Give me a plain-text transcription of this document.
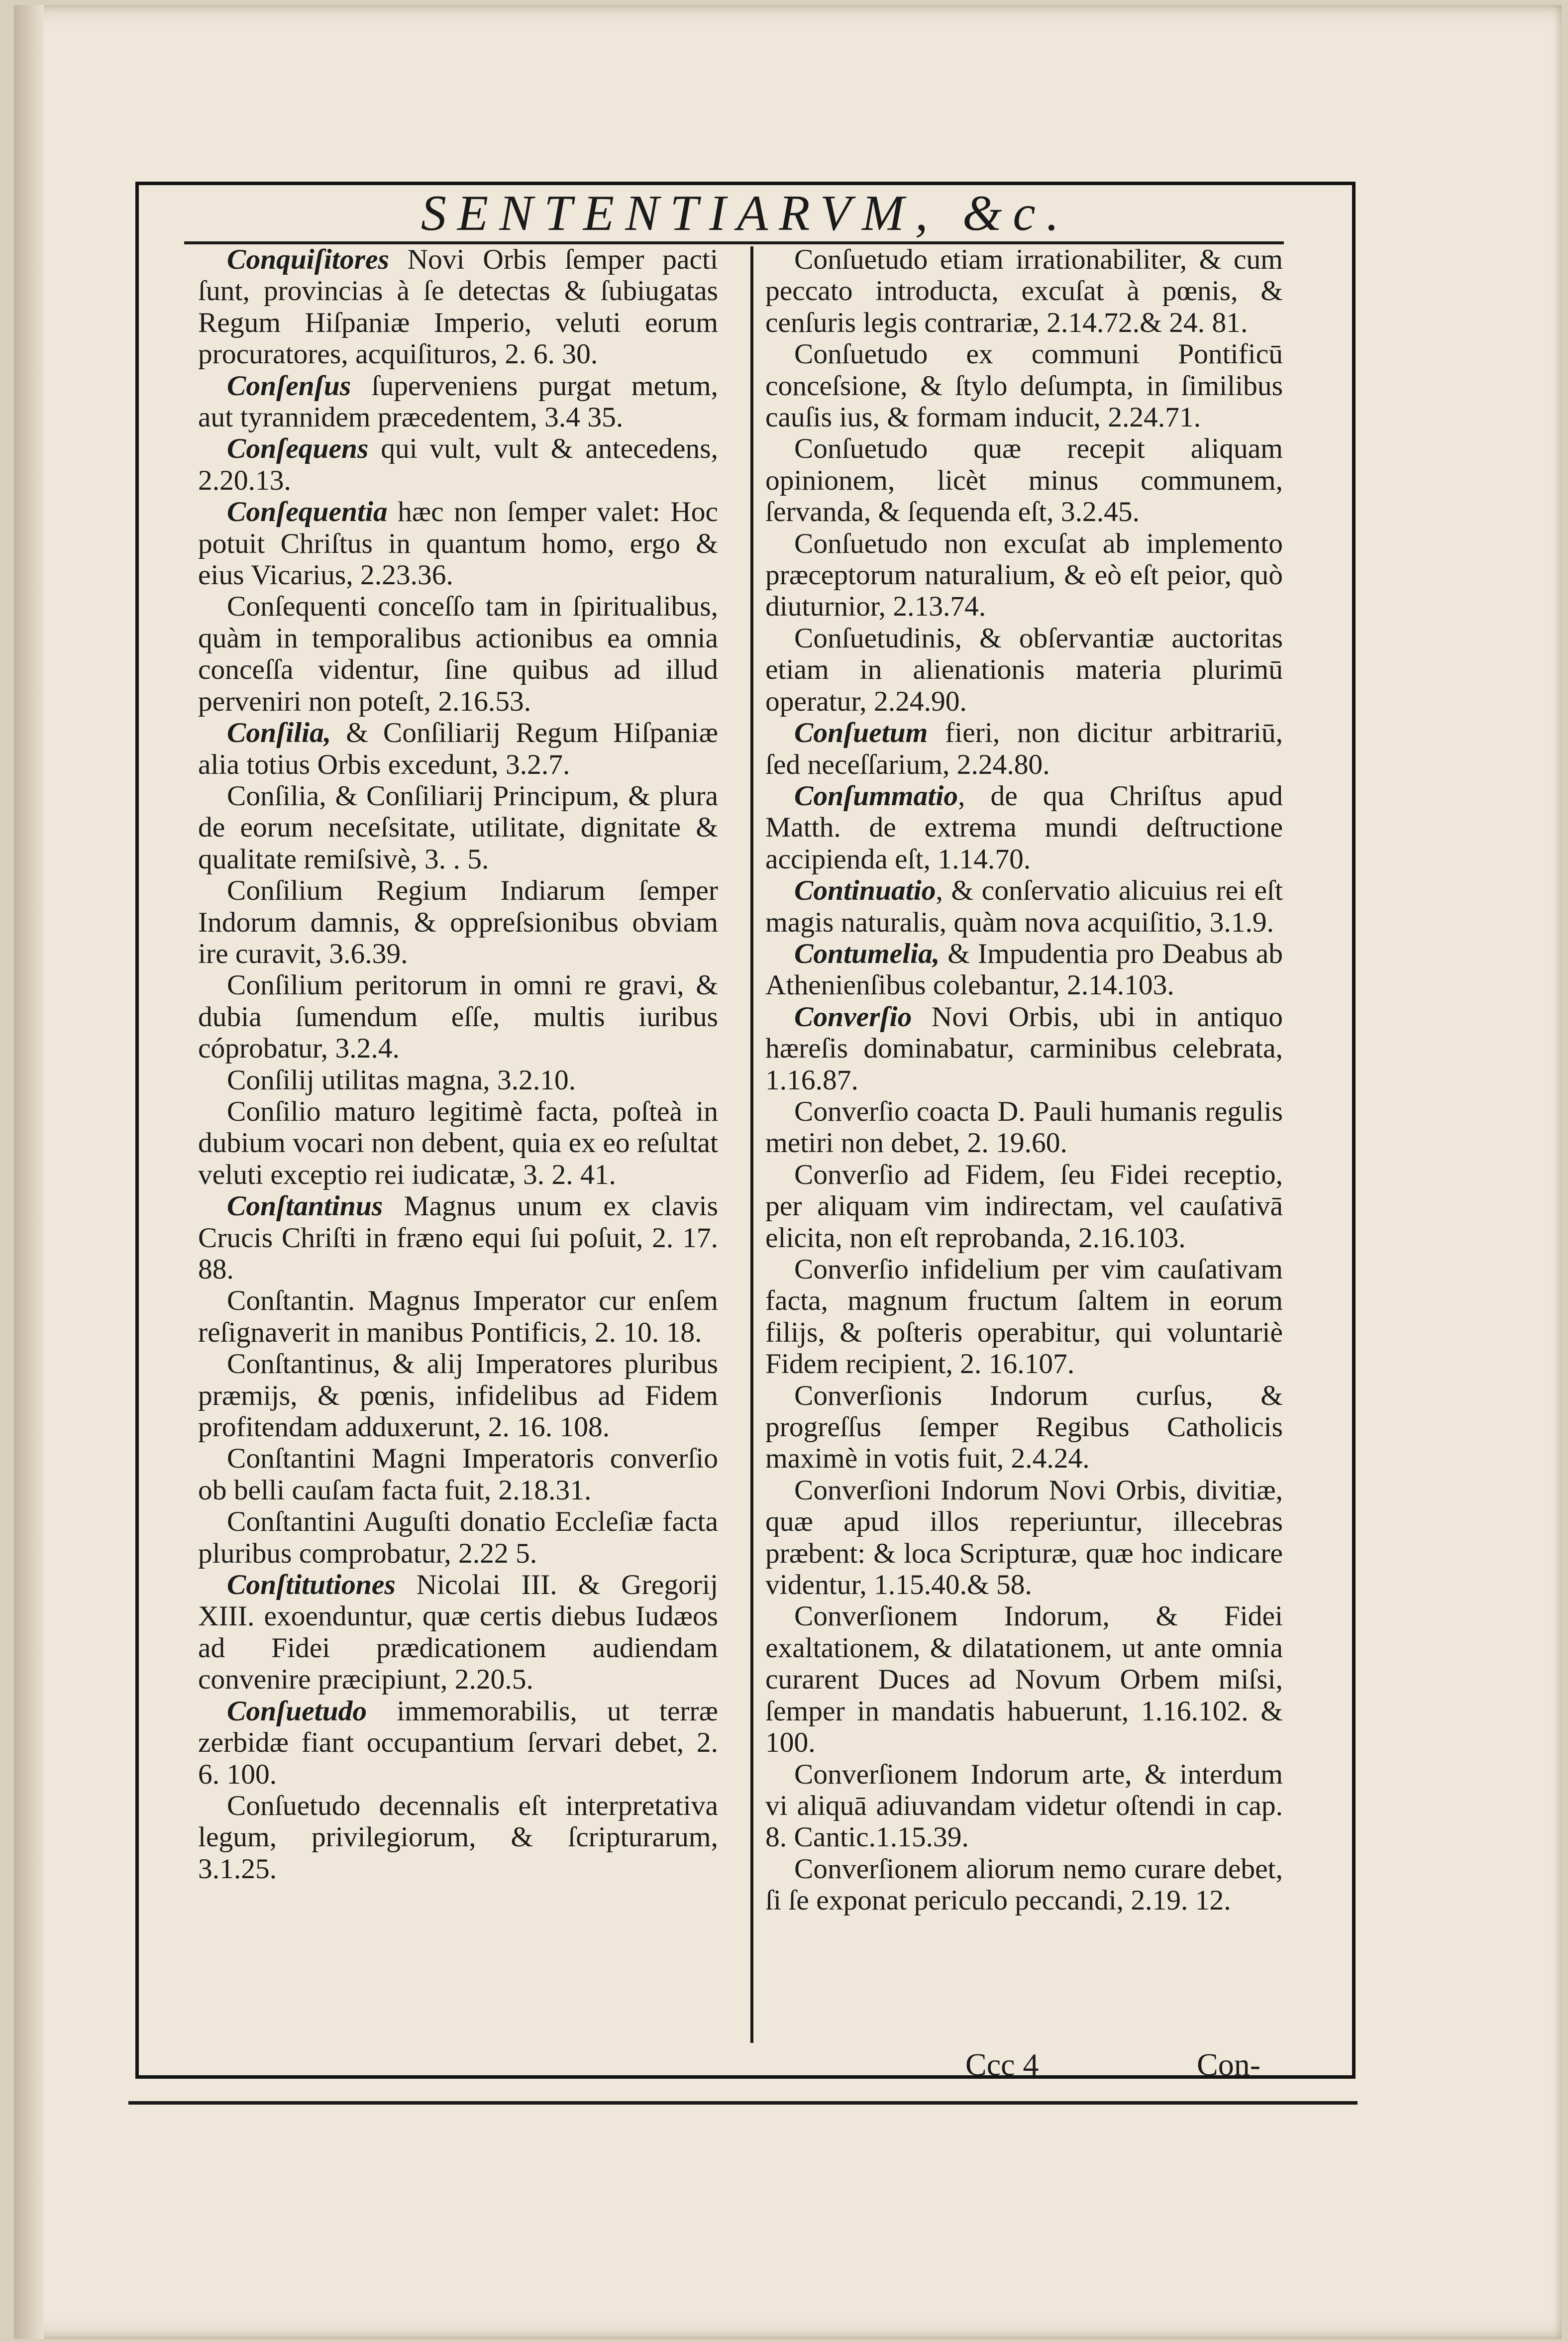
SENTENTIARVM, &c.

Conquiſitores Novi Orbis ſemper pacti ſunt, provincias à ſe detectas & ſubiugatas Regum Hiſpaniæ Imperio, veluti eorum procuratores, acquiſituros, 2. 6. 30.

Conſenſus ſuperveniens purgat metum, aut tyrannidem præcedentem, 3.4 35.

Conſequens qui vult, vult & antecedens, 2.20.13.

Conſequentia hæc non ſemper valet: Hoc potuit Chriſtus in quantum homo, ergo & eius Vicarius, 2.23.36.

Conſequenti conceſſo tam in ſpiritualibus, quàm in temporalibus actionibus ea omnia conceſſa videntur, ſine quibus ad illud perveniri non poteſt, 2.16.53.

Conſilia, & Conſiliarij Regum Hiſpaniæ alia totius Orbis excedunt, 3.2.7.

Conſilia, & Conſiliarij Principum, & plura de eorum neceſsitate, utilitate, dignitate & qualitate remiſsivè, 3. . 5.

Conſilium Regium Indiarum ſemper Indorum damnis, & oppreſsionibus obviam ire curavit, 3.6.39.

Conſilium peritorum in omni re gravi, & dubia ſumendum eſſe, multis iuribus cóprobatur, 3.2.4.

Conſilij utilitas magna, 3.2.10.

Conſilio maturo legitimè facta, poſteà in dubium vocari non debent, quia ex eo reſultat veluti exceptio rei iudicatæ, 3. 2. 41.

Conſtantinus Magnus unum ex clavis Crucis Chriſti in fræno equi ſui poſuit, 2. 17. 88.

Conſtantin. Magnus Imperator cur enſem reſignaverit in manibus Pontificis, 2. 10. 18.

Conſtantinus, & alij Imperatores pluribus præmijs, & pœnis, infidelibus ad Fidem profitendam adduxerunt, 2. 16. 108.

Conſtantini Magni Imperatoris converſio ob belli cauſam facta fuit, 2.18.31.

Conſtantini Auguſti donatio Eccleſiæ facta pluribus comprobatur, 2.22 5.

Conſtitutiones Nicolai III. & Gregorij XIII. exoenduntur, quæ certis diebus Iudæos ad Fidei prædicationem audiendam convenire præcipiunt, 2.20.5.

Conſuetudo immemorabilis, ut terræ zerbidæ fiant occupantium ſervari debet, 2. 6. 100.

Conſuetudo decennalis eſt interpretativa legum, privilegiorum, & ſcripturarum, 3.1.25.

Conſuetudo etiam irrationabiliter, & cum peccato introducta, excuſat à pœnis, & cenſuris legis contrariæ, 2.14.72.& 24. 81.

Conſuetudo ex communi Pontificū conceſsione, & ſtylo deſumpta, in ſimilibus cauſis ius, & formam inducit, 2.24.71.

Conſuetudo quæ recepit aliquam opinionem, licèt minus communem, ſervanda, & ſequenda eſt, 3.2.45.

Conſuetudo non excuſat ab implemento præceptorum naturalium, & eò eſt peior, quò diuturnior, 2.13.74.

Conſuetudinis, & obſervantiæ auctoritas etiam in alienationis materia plurimū operatur, 2.24.90.

Conſuetum fieri, non dicitur arbitrariū, ſed neceſſarium, 2.24.80.

Conſummatio, de qua Chriſtus apud Matth. de extrema mundi deſtructione accipienda eſt, 1.14.70.

Continuatio, & conſervatio alicuius rei eſt magis naturalis, quàm nova acquiſitio, 3.1.9.

Contumelia, & Impudentia pro Deabus ab Athenienſibus colebantur, 2.14.103.

Converſio Novi Orbis, ubi in antiquo hæreſis dominabatur, carminibus celebrata, 1.16.87.

Converſio coacta D. Pauli humanis regulis metiri non debet, 2. 19.60.

Converſio ad Fidem, ſeu Fidei receptio, per aliquam vim indirectam, vel cauſativā elicita, non eſt reprobanda, 2.16.103.

Converſio infidelium per vim cauſativam facta, magnum fructum ſaltem in eorum filijs, & poſteris operabitur, qui voluntariè Fidem recipient, 2. 16.107.

Converſionis Indorum curſus, & progreſſus ſemper Regibus Catholicis maximè in votis fuit, 2.4.24.

Converſioni Indorum Novi Orbis, divitiæ, quæ apud illos reperiuntur, illecebras præbent: & loca Scripturæ, quæ hoc indicare videntur, 1.15.40.& 58.

Converſionem Indorum, & Fidei exaltationem, & dilatationem, ut ante omnia curarent Duces ad Novum Orbem miſsi, ſemper in mandatis habuerunt, 1.16.102. & 100.

Converſionem Indorum arte, & interdum vi aliquā adiuvandam videtur oſtendi in cap. 8. Cantic.1.15.39.

Converſionem aliorum nemo curare debet, ſi ſe exponat periculo peccandi, 2.19. 12.

Ccc 4	Con-
